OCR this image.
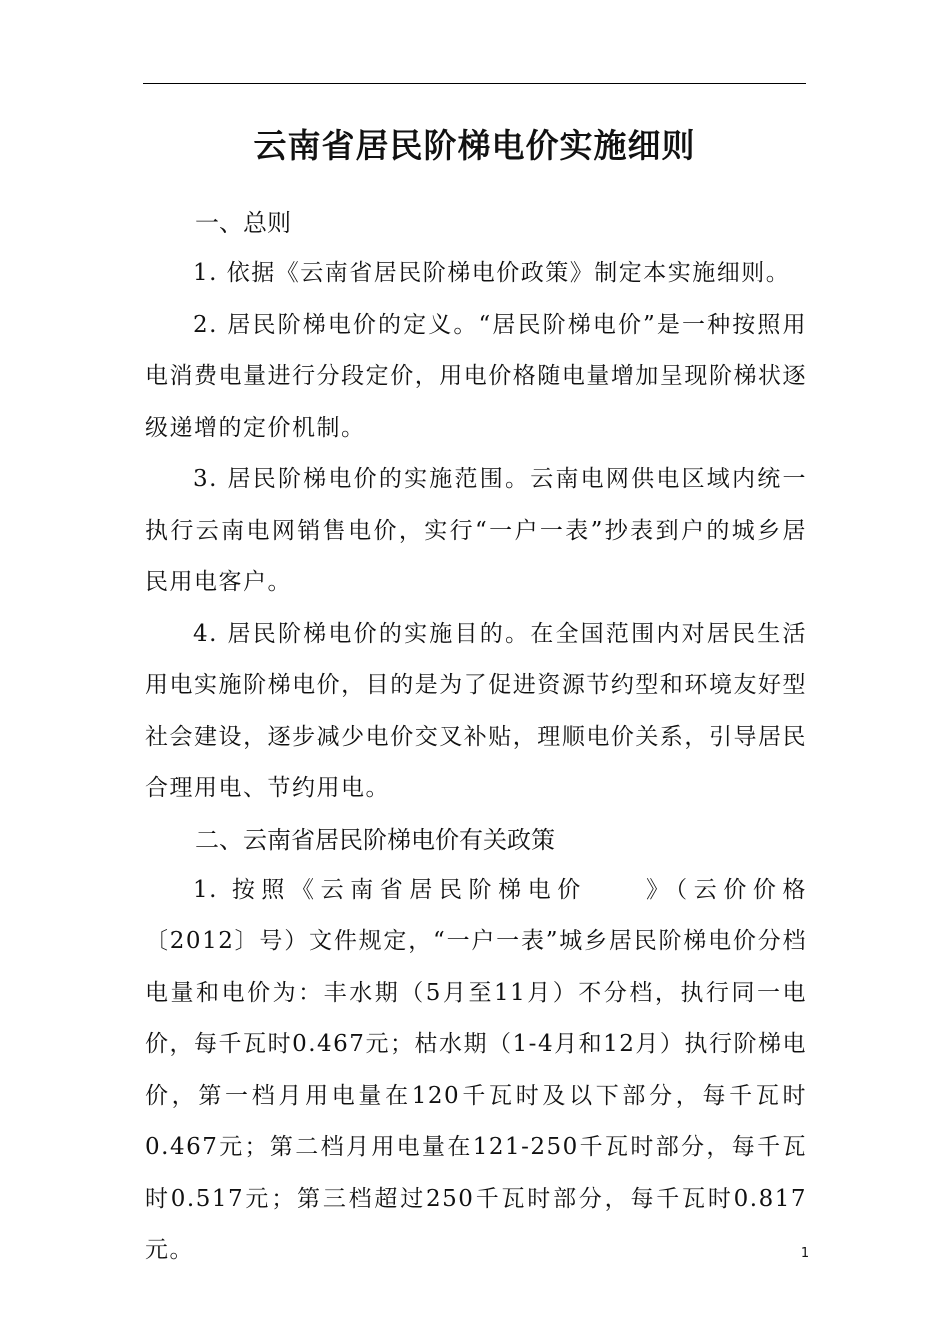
云南省居民阶梯电价实施细则
一、总则

1. 依据《云南省居民阶梯电价政策》制定本实施细则。

2. 居民阶梯电价的定义。“居民阶梯电价”是一种按照用电消费电量进行分段定价，用电价格随电量增加呈现阶梯状逐级递增的定价机制。

3. 居民阶梯电价的实施范围。云南电网供电区域内统一执行云南电网销售电价，实行“一户一表”抄表到户的城乡居民用电客户。

4. 居民阶梯电价的实施目的。在全国范围内对居民生活用电实施阶梯电价，目的是为了促进资源节约型和环境友好型社会建设，逐步减少电价交叉补贴，理顺电价关系，引导居民合理用电、节约用电。

二、云南省居民阶梯电价有关政策

1. 按照《云南省居民阶梯电价　　》（云价价格〔2012〕号）文件规定，“一户一表”城乡居民阶梯电价分档电量和电价为：丰水期（5月至11月）不分档，执行同一电价，每千瓦时0.467元；枯水期（1-4月和12月）执行阶梯电价，第一档月用电量在120千瓦时及以下部分，每千瓦时0.467元；第二档月用电量在121-250千瓦时部分，每千瓦时0.517元；第三档超过250千瓦时部分，每千瓦时0.817元。	1
